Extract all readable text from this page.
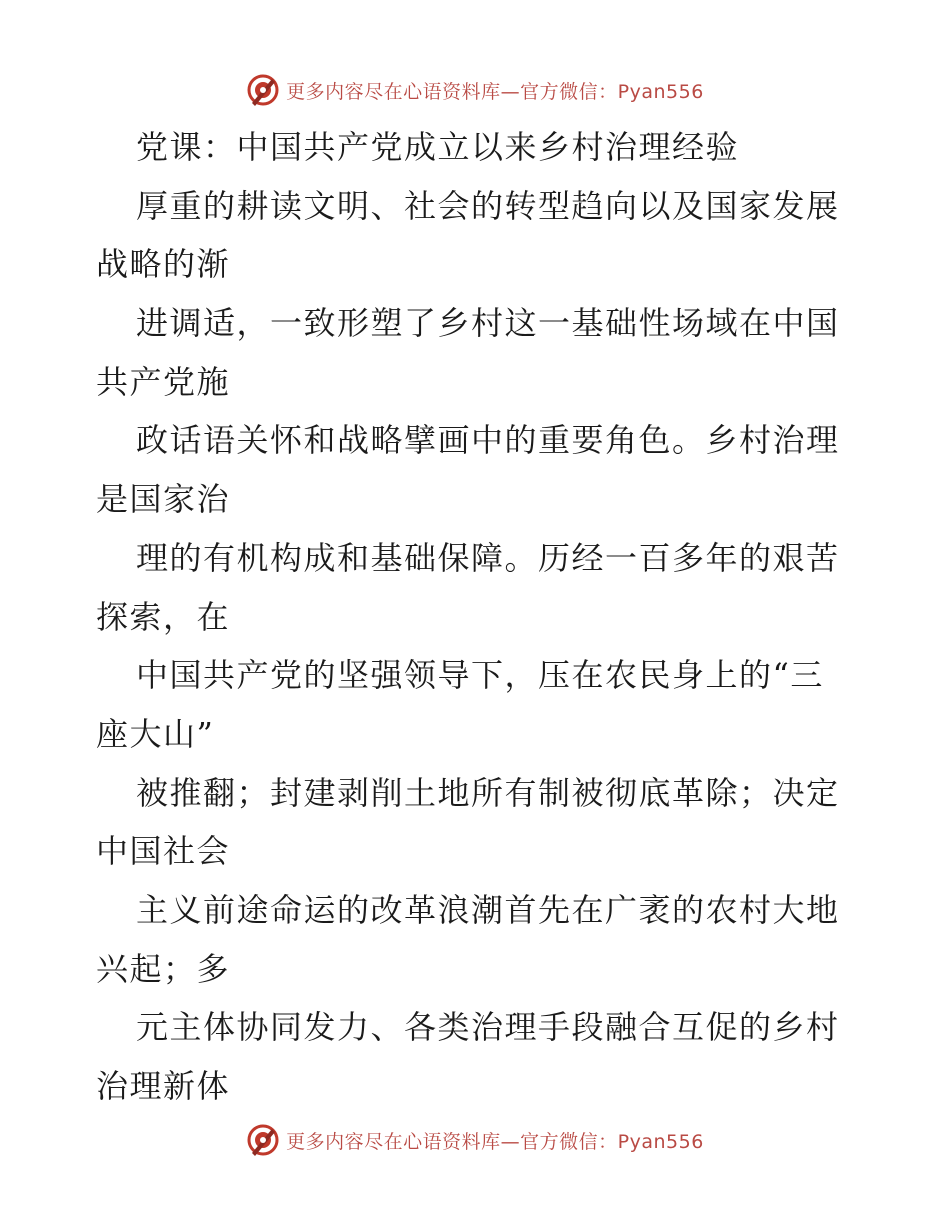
更多内容尽在心语资料库—官方微信：Pyan556
党课：中国共产党成立以来乡村治理经验
厚重的耕读文明、社会的转型趋向以及国家发展
战略的渐
进调适，一致形塑了乡村这一基础性场域在中国
共产党施
政话语关怀和战略擘画中的重要角色。乡村治理
是国家治
理的有机构成和基础保障。历经一百多年的艰苦
探索，在
中国共产党的坚强领导下，压在农民身上的“三
座大山”
被推翻；封建剥削土地所有制被彻底革除；决定
中国社会
主义前途命运的改革浪潮首先在广袤的农村大地
兴起；多
元主体协同发力、各类治理手段融合互促的乡村
治理新体
更多内容尽在心语资料库—官方微信：Pyan556
